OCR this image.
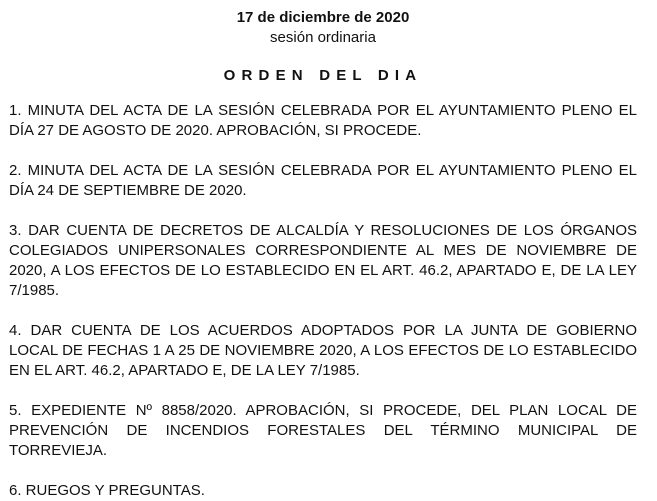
17 de diciembre de 2020

sesión ordinaria

ORDEN DEL DIA

1. MINUTA DEL ACTA DE LA SESIÓN CELEBRADA POR EL AYUNTAMIENTO PLENO EL DÍA 27 DE AGOSTO DE 2020. APROBACIÓN, SI PROCEDE.

2. MINUTA DEL ACTA DE LA SESIÓN CELEBRADA POR EL AYUNTAMIENTO PLENO EL DÍA 24 DE SEPTIEMBRE DE 2020.

3. DAR CUENTA DE DECRETOS DE ALCALDÍA Y RESOLUCIONES DE LOS ÓRGANOS COLEGIADOS UNIPERSONALES CORRESPONDIENTE AL MES DE NOVIEMBRE DE 2020, A LOS EFECTOS DE LO ESTABLECIDO EN EL ART. 46.2, APARTADO E, DE LA LEY 7/1985.

4. DAR CUENTA DE LOS ACUERDOS ADOPTADOS POR LA JUNTA DE GOBIERNO LOCAL DE FECHAS 1 A 25 DE NOVIEMBRE 2020, A LOS EFECTOS DE LO ESTABLECIDO EN EL ART. 46.2, APARTADO E, DE LA LEY 7/1985.

5. EXPEDIENTE Nº 8858/2020. APROBACIÓN, SI PROCEDE, DEL PLAN LOCAL DE PREVENCIÓN DE INCENDIOS FORESTALES DEL TÉRMINO MUNICIPAL DE TORREVIEJA.

6. RUEGOS Y PREGUNTAS.
